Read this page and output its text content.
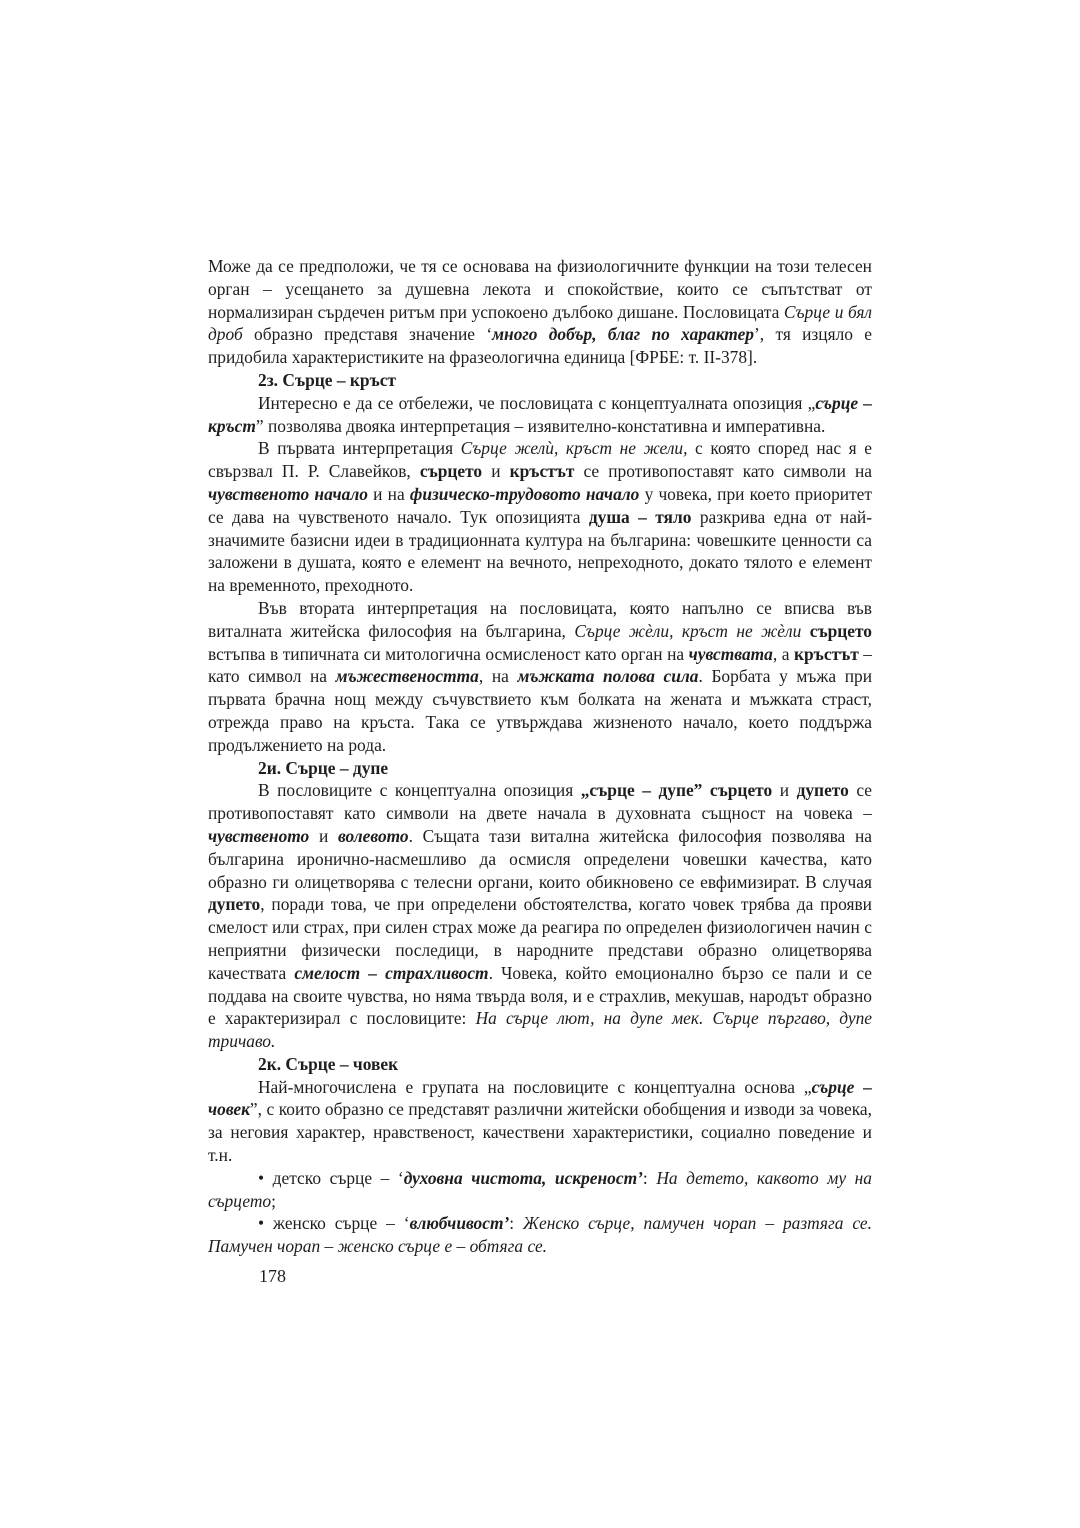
Може да се предположи, че тя се основава на физиологичните функции на този телесен орган – усещането за душевна лекота и спокойствие, които се съпътстват от нормализиран сърдечен ритъм при успокоено дълбоко дишане. Пословицата Сърце и бял дроб образно представя значение ‘много добър, благ по характер’, тя изцяло е придобила характеристиките на фразеологична единица [ФРБЕ: т. ІІ-378].

2з. Сърце – кръст

Интересно е да се отбележи, че пословицата с концептуалната опозиция „сърце – кръст” позволява двояка интерпретация – изявително-констативна и императивна.

В първата интерпретация Сърце желѝ, кръст не жели, с която според нас я е свързвал П. Р. Славейков, сърцето и кръстът се противопоставят като символи на чувственото начало и на физическо-трудовото начало у човека, при което приоритет се дава на чувственото начало. Тук опозицията душа – тяло разкрива една от най-значимите базисни идеи в традиционната култура на българина: човешките ценности са заложени в душата, която е елемент на вечното, непреходното, докато тялото е елемент на временното, преходното.

Във втората интерпретация на пословицата, която напълно се вписва във виталната житейска философия на българина, Сърце жѐли, кръст не жѐли сърцето встъпва в типичната си митологична осмисленост като орган на чувствата, а кръстът – като символ на мъжествеността, на мъжката полова сила. Борбата у мъжа при първата брачна нощ между съчувствието към болката на жената и мъжката страст, отрежда право на кръста. Така се утвърждава жизненото начало, което поддържа продължението на рода.

2и. Сърце – дупе

В пословиците с концептуална опозиция „сърце – дупе” сърцето и дупето се противопоставят като символи на двете начала в духовната същност на човека – чувственото и волевото. Същата тази витална житейска философия позволява на българина иронично-насмешливо да осмисля определени човешки качества, като образно ги олицетворява с телесни органи, които обикновено се евфимизират. В случая дупето, поради това, че при определени обстоятелства, когато човек трябва да прояви смелост или страх, при силен страх може да реагира по определен физиологичен начин с неприятни физически последици, в народните представи образно олицетворява качествата смелост – страхливост. Човека, който емоционално бързо се пали и се поддава на своите чувства, но няма твърда воля, и е страхлив, мекушав, народът образно е характеризирал с пословиците: На сърце лют, на дупе мек. Сърце пъргаво, дупе тричаво.

2к. Сърце – човек

Най-многочислена е групата на пословиците с концептуална основа „сърце – човек”, с които образно се представят различни житейски обобщения и изводи за човека, за неговия характер, нравственост, качествени характеристики, социално поведение и т.н.

• детско сърце – ‘духовна чистота, искреност’: На детето, каквото му на сърцето;

• женско сърце – ‘влюбчивост’: Женско сърце, памучен чорап – разтяга се. Памучен чорап – женско сърце е – обтяга се.

178
